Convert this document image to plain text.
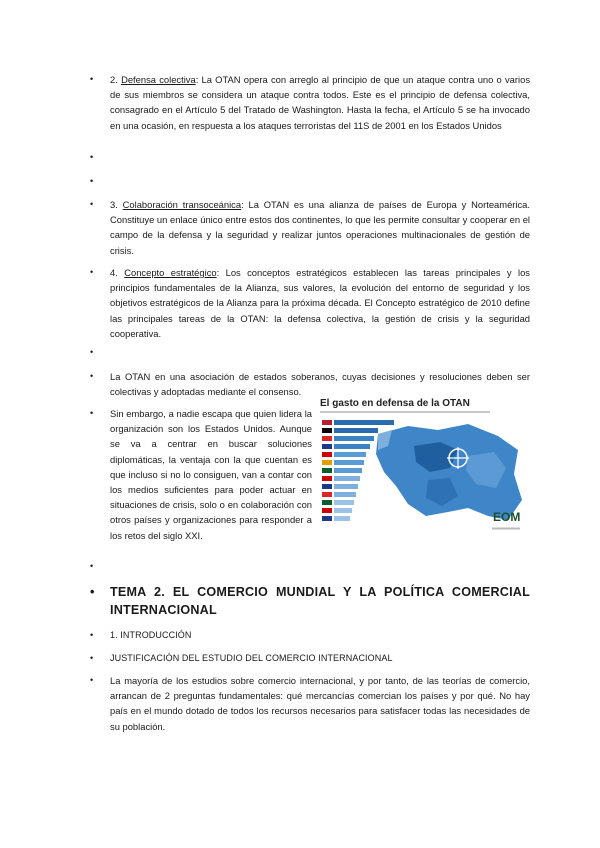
• 2. Defensa colectiva: La OTAN opera con arreglo al principio de que un ataque contra uno o varios de sus miembros se considera un ataque contra todos. Este es el principio de defensa colectiva, consagrado en el Artículo 5 del Tratado de Washington. Hasta la fecha, el Artículo 5 se ha invocado en una ocasión, en respuesta a los ataques terroristas del 11S de 2001 en los Estados Unidos
•
•
• 3. Colaboración transoceánica: La OTAN es una alianza de países de Europa y Norteamérica. Constituye un enlace único entre estos dos continentes, lo que les permite consultar y cooperar en el campo de la defensa y la seguridad y realizar juntos operaciones multinacionales de gestión de crisis.
• 4. Concepto estratégico: Los conceptos estratégicos establecen las tareas principales y los principios fundamentales de la Alianza, sus valores, la evolución del entorno de seguridad y los objetivos estratégicos de la Alianza para la próxima década. El Concepto estratégico de 2010 define las principales tareas de la OTAN: la defensa colectiva, la gestión de crisis y la seguridad cooperativa.
•
• La OTAN en una asociación de estados soberanos, cuyas decisiones y resoluciones deben ser colectivas y adoptadas mediante el consenso.
• Sin embargo, a nadie escapa que quien lidera la organización son los Estados Unidos. Aunque se va a centrar en buscar soluciones diplomáticas, la ventaja con la que cuentan es que incluso si no lo consiguen, van a contar con los medios suficientes para poder actuar en situaciones de crisis, solo o en colaboración con otros países y organizaciones para responder a los retos del siglo XXI.
El gasto en defensa de la OTAN
EOM
•
• TEMA 2. EL COMERCIO MUNDIAL Y LA POLÍTICA COMERCIAL INTERNACIONAL
• 1. INTRODUCCIÓN
• JUSTIFICACIÓN DEL ESTUDIO DEL COMERCIO INTERNACIONAL
• La mayoría de los estudios sobre comercio internacional, y por tanto, de las teorías de comercio, arrancan de 2 preguntas fundamentales: qué mercancías comercian los países y por qué. No hay país en el mundo dotado de todos los recursos necesarios para satisfacer todas las necesidades de su población.
